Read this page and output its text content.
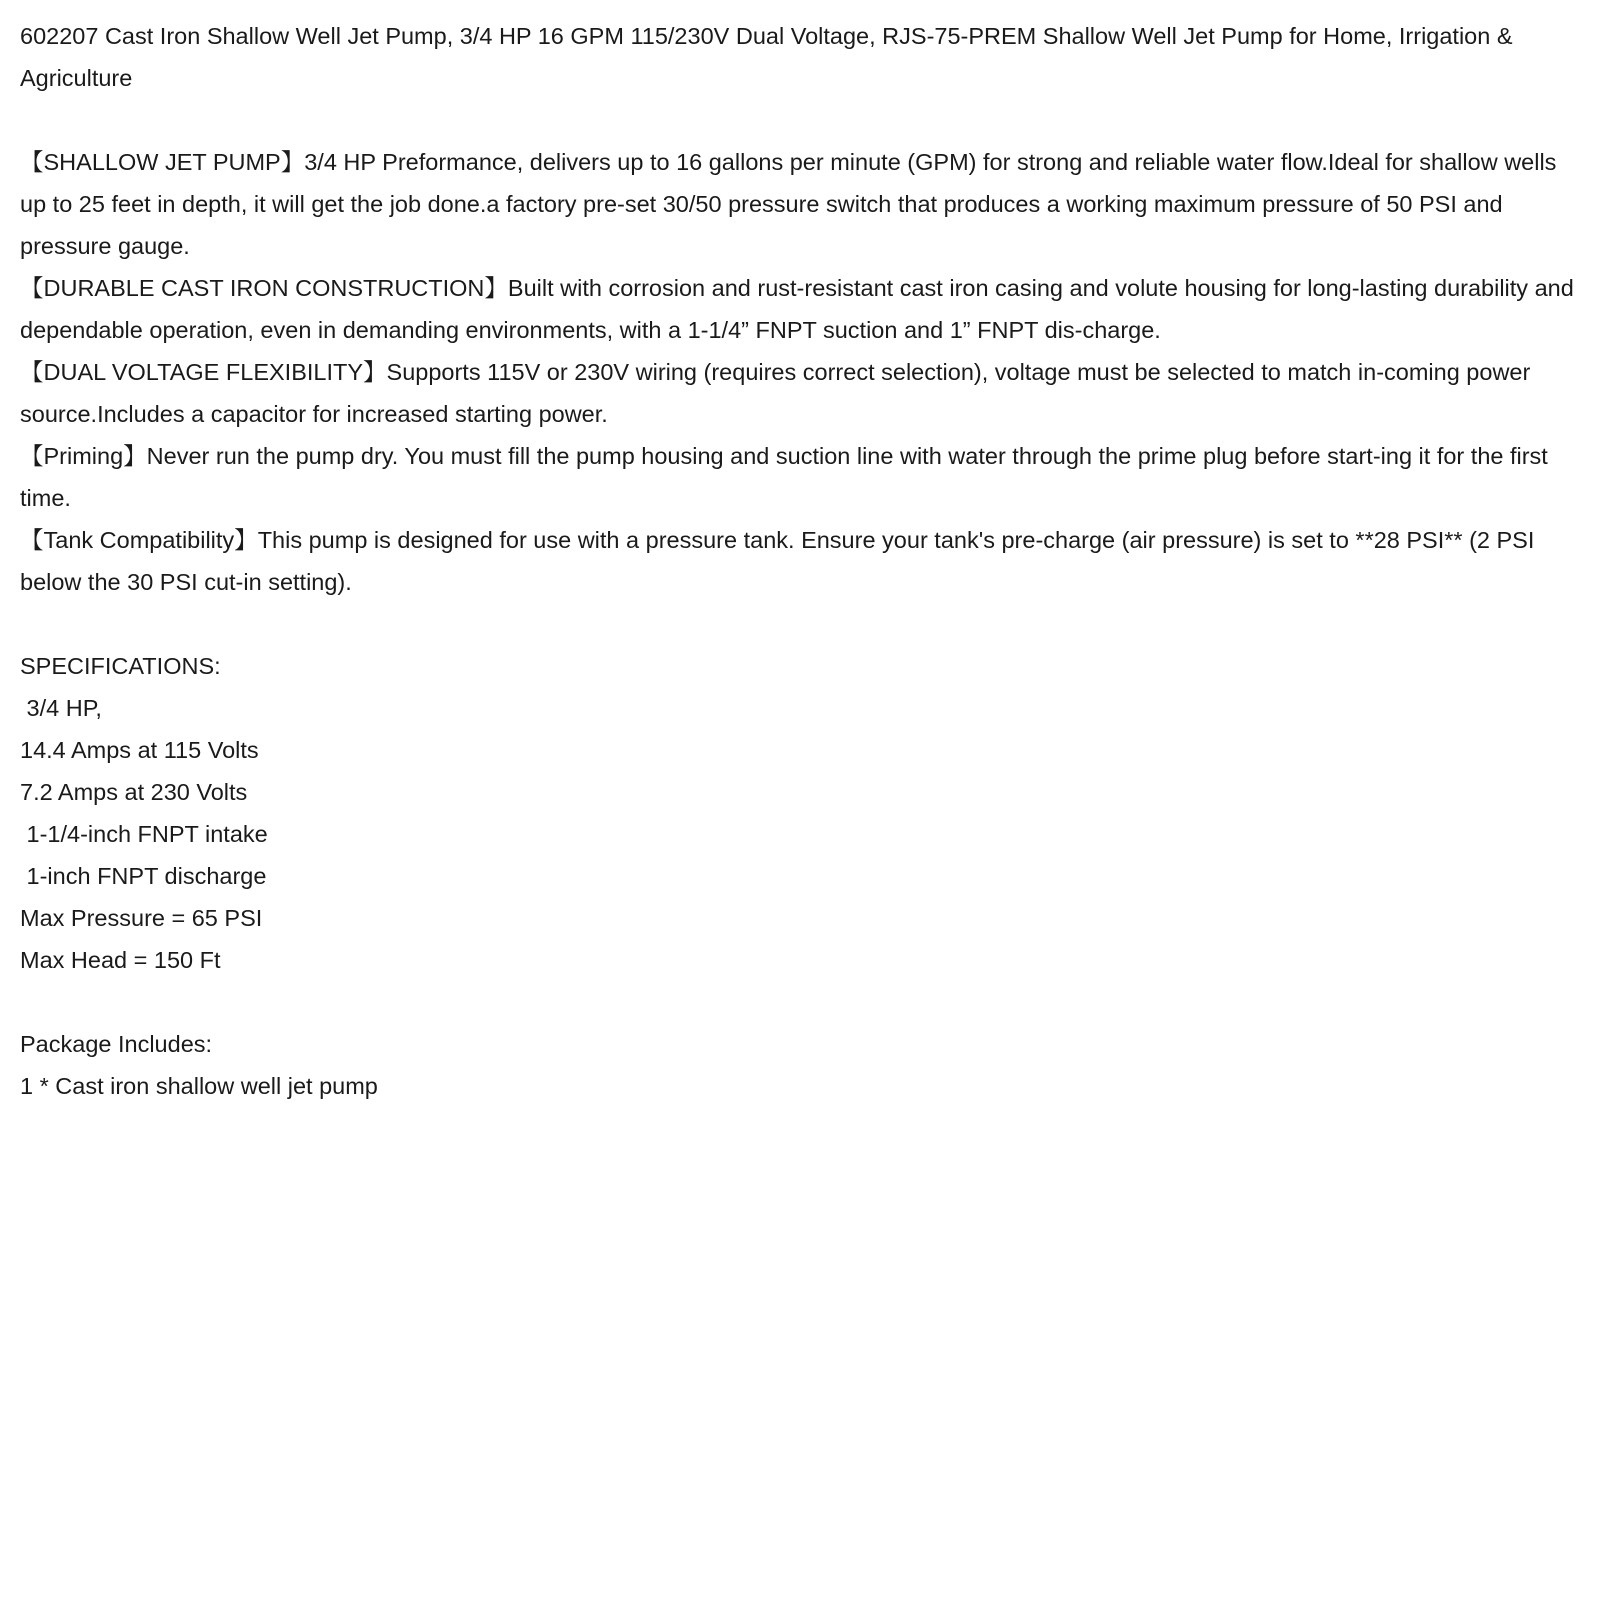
602207 Cast Iron Shallow Well Jet Pump, 3/4 HP 16 GPM 115/230V Dual Voltage, RJS-75-PREM Shallow Well Jet Pump for Home, Irrigation & Agriculture

【SHALLOW JET PUMP】3/4 HP Preformance, delivers up to 16 gallons per minute (GPM) for strong and reliable water flow.Ideal for shallow wells up to 25 feet in depth, it will get the job done.a factory pre-set 30/50 pressure switch that produces a working maximum pressure of 50 PSI and pressure gauge.

【DURABLE CAST IRON CONSTRUCTION】Built with corrosion and rust-resistant cast iron casing and volute housing for long-lasting durability and dependable operation, even in demanding environments, with a 1-1/4” FNPT suction and 1” FNPT dis-charge.

【DUAL VOLTAGE FLEXIBILITY】Supports 115V or 230V wiring (requires correct selection), voltage must be selected to match in-coming power source.Includes a capacitor for increased starting power.

【Priming】Never run the pump dry. You must fill the pump housing and suction line with water through the prime plug before start-ing it for the first time.

【Tank Compatibility】This pump is designed for use with a pressure tank. Ensure your tank's pre-charge (air pressure) is set to **28 PSI** (2 PSI below the 30 PSI cut-in setting).

SPECIFICATIONS:

3/4 HP,

14.4 Amps at 115 Volts

7.2 Amps at 230 Volts

1-1/4-inch FNPT intake

1-inch FNPT discharge

Max Pressure = 65 PSI

Max Head = 150 Ft

Package Includes:

1 * Cast iron shallow well jet pump
